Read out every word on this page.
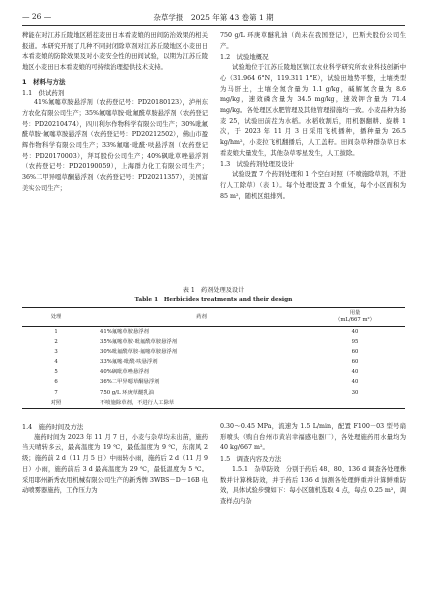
— 26 —	杂草学报　2025 年第 43 卷第 1 期

稗能在对江苏丘陵地区稻茬麦田日本看麦娘的田间防治效果的相关报道。本研究开展了几种不同封闭除草剂对江苏丘陵地区小麦田日本看麦娘的防除效果及对小麦安全性的田间试验，以期为江苏丘陵地区小麦田日本看麦娘的可持续治理提供技术支持。

1　材料与方法

1.1　供试药剂

41%氟噻草胺悬浮剂（农药登记号：PD20180123），泸州东方农化有限公司生产；35%氟噻草胺·吡氟酰草胺悬浮剂（农药登记号：PD20210474），四川利尔作物科学有限公司生产；30%吡氟酰草胺·氟噻草胺悬浮剂（农药登记号：PD20212502），佛山市盈辉作物科学有限公司生产；33%氟噻·吡酰·呋悬浮剂（农药登记号：PD20170003），拜耳股份公司生产；40%砜吡草唑悬浮剂（农药登记号：PD20190059），上海群力化工有限公司生产；36%二甲异噁草酮悬浮剂（农药登记号：PD20211357），美国富美实公司生产；

750 g/L 环庚草醚乳油（尚未在我国登记），巴斯夫股份公司生产。

1.2　试验地概况

试验地位于江苏丘陵地区镇江农业科学研究所农业科技创新中心（31.964 6°N，119.311 1°E），试验田地势平整，土壤类型为马肝土，土壤全氮含量为 1.1 g/kg，碱解氮含量为 8.6 mg/kg，速效磷含量为 34.5 mg/kg，速效钾含量为 71.4 mg/kg。各处理区水肥管理及其他管理措施均一致。小麦品种为扬麦 25，试验田前茬为水稻。水稻收割后，用机器翻耕、旋耕 1 次，于 2023 年 11 月 3 日采用飞机播种，播种量为 26.5 kg/hm²，小麦拉飞机翻播后，人工盖籽。田间杂草种群杂草日本看麦娘大量发生，其他杂草零星发生，人工拔除。

1.3　试验药剂处理及设计

试验设置 7 个药剂处理和 1 个空白对照（不喷施除草剂，不进行人工除草）（表 1）。每个处理设置 3 个重复，每个小区面积为 85 m²，随机区组排列。

表 1　药剂处理及设计
Table 1　Herbicides treatments and their design
处理	药剂	用量
（mL/667 m²）
1	41%氟噻草胺悬浮剂	40
2	35%氟噻草胺·吡氟酰草胺悬浮剂	95
3	30%吡氟酰草胺·氟噻草胺悬浮剂	60
4	33%氟噻·吡酰·呋悬浮剂	60
5	40%砜吡草唑悬浮剂	40
6	36%二甲异噁草酮悬浮剂	40
7	750 g/L 环庚草醚乳油	30
对照	不喷施除草剂，不进行人工除草	

1.4　施药时间及方法

施药时间为 2023 年 11 月 7 日，小麦与杂草均未出苗，施药当天晴转多云，最高温度为 19 ℃，最低温度为 9 ℃，东南风 2 级；施药前 2 d（11 月 5 日）中雨转小雨，施药后 2 d（11 月 9 日）小雨，施药前后 3 d 最高温度为 29 ℃，最低温度为 5 ℃。采用耶州新秀农用机械有限公司生产的新秀牌 3WBS－D－16B 电动喷雾器施药，工作压力为

0.30～0.45 MPa，流速为 1.5 L/min，配置 F100－03 型号扇形喷头（购自台州市黄岩幸福感电器厂），各处理施药用水量均为 40 kg/667 m²。

1.5　调查内容及方法

1.5.1　杂草防效　分别于药后 48、80、136 d 调查各处理株数并计算株防效，并于药后 136 d 加测各处理鲜重并计算鲜重防效，具体试验步骤如下：每小区随机选取 4 点，每点 0.25 m²，调查样点内杂
